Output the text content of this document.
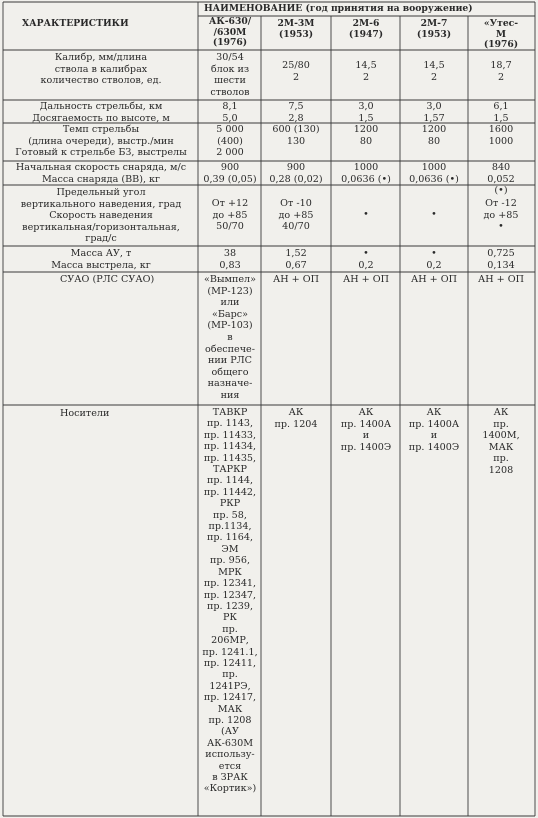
ХАРАКТЕРИСТИКИ
НАИМЕНОВАНИЕ (год принятия на вооружение)
АК-630/
/630М
(1976)
2М-3М
(1953)
2М-6
(1947)
2М-7
(1953)
«Утес-М
(1976)
Калибр, мм/длина
ствола в калибрах
количество стволов, ед.
Дальность стрельбы, км
Досягаемость по высоте, м
Темп стрельбы
(длина очереди), выстр./мин
Готовый к стрельбе БЗ, выстрелы
Начальная скорость снаряда, м/с
Масса снаряда (ВВ), кг
Предельный угол
вертикального наведения, град
Скорость наведения
вертикальная/горизонтальная,
град/с
Масса АУ, т
Масса выстрела, кг
СУАО (РЛС СУАО)
Носители
30/54
блок из
шести
стволов
25/80
2
14,5
2
14,5
2
18,7
2
8,1
5,0
7,5
2,8
3,0
1,5
3,0
1,57
6,1
1,5
5 000
(400)
2 000
600 (130)
130
1200
80
1200
80
1600
1000
900
0,39 (0,05)
900
0,28 (0,02)
1000
0,0636 (•)
1000
0,0636 (•)
840
0,052 (•)
От +12
до +85
50/70
От -10
до +85
40/70
•	•
От -12
до +85
•
38
0,83
1,52
0,67
•
0,2
•
0,2
0,725
0,134
«Вымпел»
(МР-123)
или
«Барс»
(МР-103)
в
обеспече-
нии РЛС
общего
назначе-
ния
АН + ОП АН + ОП АН + ОП АН + ОП
ТАВКР
пр. 1143,
пр. 11433,
пр. 11434,
пр. 11435,
ТАРКР
пр. 1144,
пр. 11442,
РКР
пр. 58,
пр.1134,
пр. 1164,
ЭМ
пр. 956,
МРК
пр. 12341,
пр. 12347,
пр. 1239,
РК
пр.
206МР,
пр. 1241.1,
пр. 12411,
пр.
1241РЭ,
пр. 12417,
МАК
пр. 1208
(АУ
АК-630М
использу-
ется
в ЗРАК
«Кортик»)
АК
пр. 1204
АК
пр. 1400А
и
пр. 1400Э
АК
пр. 1400А
и
пр. 1400Э
АК
пр.
1400М,
МАК
пр. 1208
